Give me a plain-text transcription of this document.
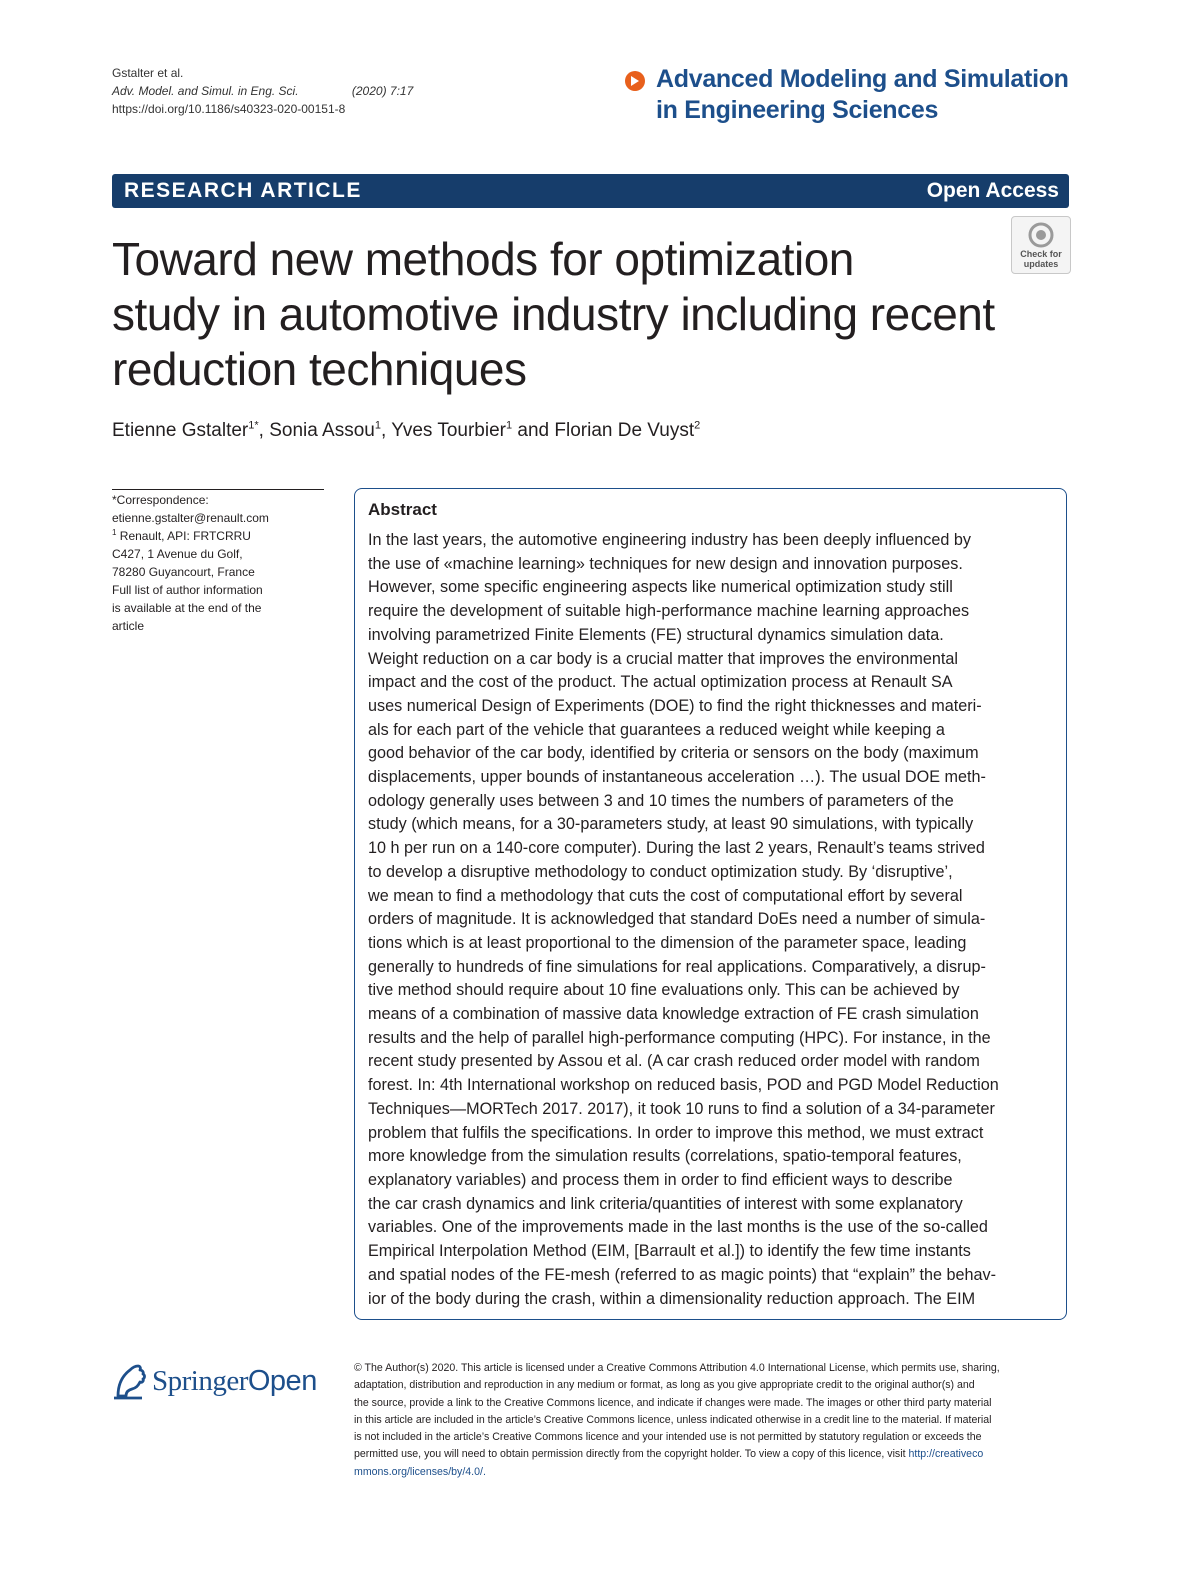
Gstalter et al.
Adv. Model. and Simul. in Eng. Sci.	(2020) 7:17
https://doi.org/10.1186/s40323-020-00151-8
Advanced Modeling and Simulation
in Engineering Sciences
RESEARCH ARTICLE	Open Access
Check for
updates
Toward new methods for optimization
study in automotive industry including recent
reduction techniques
Etienne Gstalter$^{1*}$, Sonia Assou$^1$, Yves Tourbier$^1$ and Florian De Vuyst$^2$
*Correspondence:
etienne.gstalter@renault.com
$^1$ Renault, API: FRTCRRU
C427, 1 Avenue du Golf,
78280 Guyancourt, France
Full list of author information
is available at the end of the
article
Abstract
In the last years, the automotive engineering industry has been deeply influenced by
the use of «machine learning» techniques for new design and innovation purposes.
However, some specific engineering aspects like numerical optimization study still
require the development of suitable high-performance machine learning approaches
involving parametrized Finite Elements (FE) structural dynamics simulation data.
Weight reduction on a car body is a crucial matter that improves the environmental
impact and the cost of the product. The actual optimization process at Renault SA
uses numerical Design of Experiments (DOE) to find the right thicknesses and materi-
als for each part of the vehicle that guarantees a reduced weight while keeping a
good behavior of the car body, identified by criteria or sensors on the body (maximum
displacements, upper bounds of instantaneous acceleration …). The usual DOE meth-
odology generally uses between 3 and 10 times the numbers of parameters of the
study (which means, for a 30-parameters study, at least 90 simulations, with typically
10 h per run on a 140-core computer). During the last 2 years, Renault’s teams strived
to develop a disruptive methodology to conduct optimization study. By ‘disruptive’,
we mean to find a methodology that cuts the cost of computational effort by several
orders of magnitude. It is acknowledged that standard DoEs need a number of simula-
tions which is at least proportional to the dimension of the parameter space, leading
generally to hundreds of fine simulations for real applications. Comparatively, a disrup-
tive method should require about 10 fine evaluations only. This can be achieved by
means of a combination of massive data knowledge extraction of FE crash simulation
results and the help of parallel high-performance computing (HPC). For instance, in the
recent study presented by Assou et al. (A car crash reduced order model with random
forest. In: 4th International workshop on reduced basis, POD and PGD Model Reduction
Techniques—MORTech 2017. 2017), it took 10 runs to find a solution of a 34-parameter
problem that fulfils the specifications. In order to improve this method, we must extract
more knowledge from the simulation results (correlations, spatio-temporal features,
explanatory variables) and process them in order to find efficient ways to describe
the car crash dynamics and link criteria/quantities of interest with some explanatory
variables. One of the improvements made in the last months is the use of the so-called
Empirical Interpolation Method (EIM, [Barrault et al.]) to identify the few time instants
and spatial nodes of the FE-mesh (referred to as magic points) that “explain” the behav-
ior of the body during the crash, within a dimensionality reduction approach. The EIM
SpringerOpen	© The Author(s) 2020. This article is licensed under a Creative Commons Attribution 4.0 International License, which permits use, sharing,
adaptation, distribution and reproduction in any medium or format, as long as you give appropriate credit to the original author(s) and
the source, provide a link to the Creative Commons licence, and indicate if changes were made. The images or other third party material
in this article are included in the article’s Creative Commons licence, unless indicated otherwise in a credit line to the material. If material
is not included in the article’s Creative Commons licence and your intended use is not permitted by statutory regulation or exceeds the
permitted use, you will need to obtain permission directly from the copyright holder. To view a copy of this licence, visit http://creativeco
mmons.org/licenses/by/4.0/.
